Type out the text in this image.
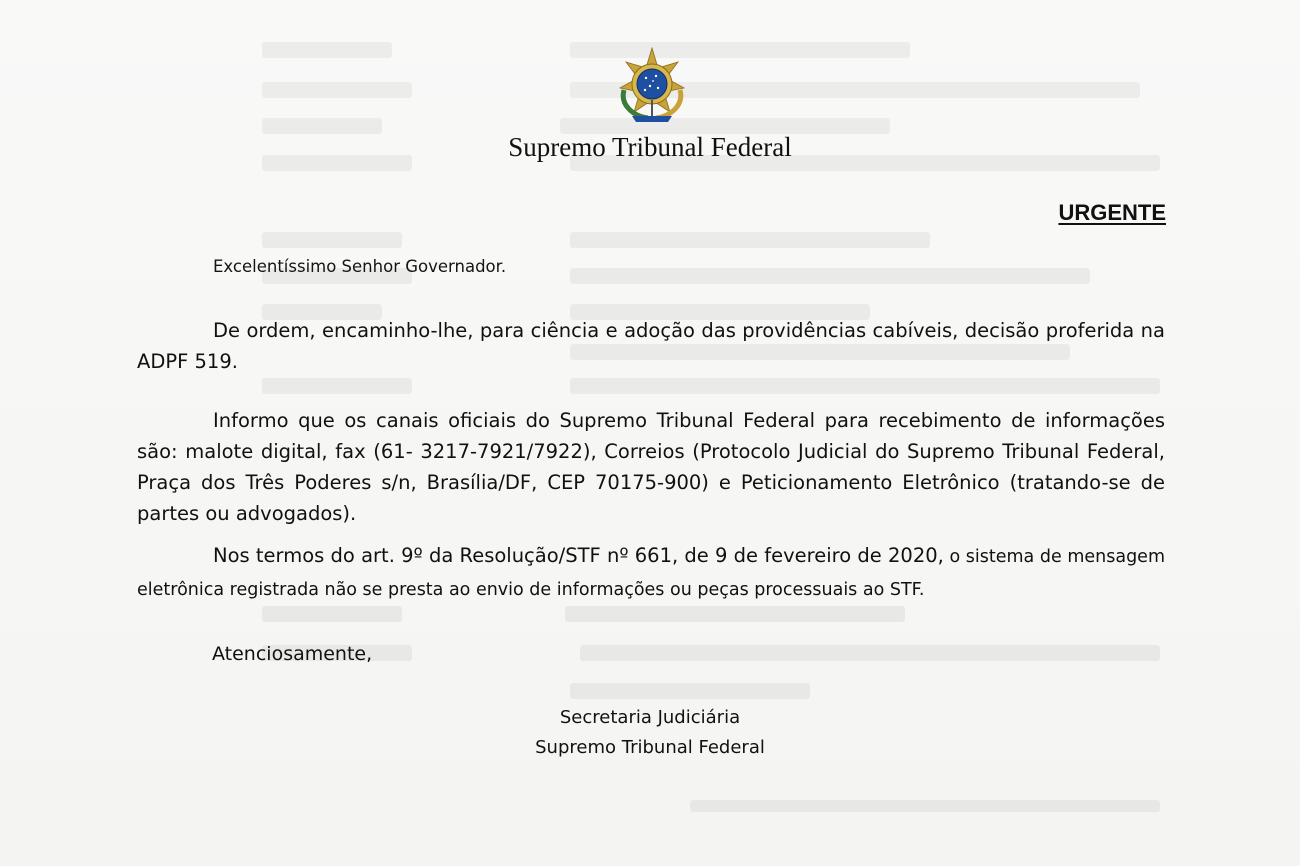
Supremo Tribunal Federal
URGENTE
Excelentíssimo Senhor Governador.
De ordem, encaminho-lhe, para ciência e adoção das providências cabíveis, decisão proferida na ADPF 519.
Informo que os canais oficiais do Supremo Tribunal Federal para recebimento de informações são: malote digital, fax (61- 3217-7921/7922), Correios (Protocolo Judicial do Supremo Tribunal Federal, Praça dos Três Poderes s/n, Brasília/DF, CEP 70175-900) e Peticionamento Eletrônico (tratando-se de partes ou advogados).
Nos termos do art. 9º da Resolução/STF nº 661, de 9 de fevereiro de 2020, o sistema de mensagem eletrônica registrada não se presta ao envio de informações ou peças processuais ao STF.
Atenciosamente,
Secretaria Judiciária
Supremo Tribunal Federal
